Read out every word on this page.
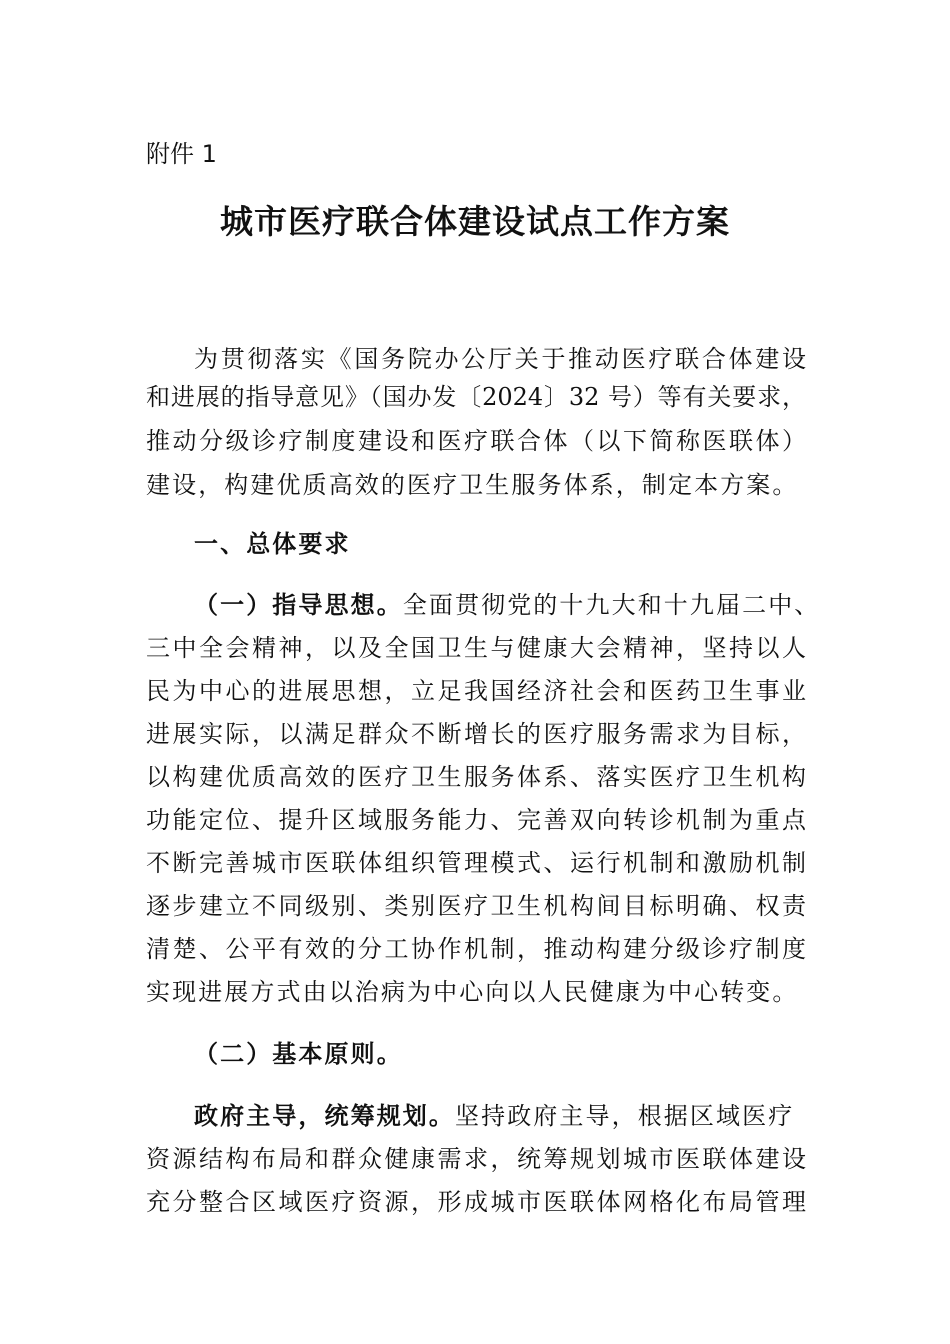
附件 1
城市医疗联合体建设试点工作方案
为贯彻落实《国务院办公厅关于推动医疗联合体建设
和进展的指导意见》（国办发〔2024〕32 号）等有关要求，
推动分级诊疗制度建设和医疗联合体（以下简称医联体）
建设，构建优质高效的医疗卫生服务体系，制定本方案。
一、总体要求
（一）指导思想。全面贯彻党的十九大和十九届二中、
三中全会精神，以及全国卫生与健康大会精神，坚持以人
民为中心的进展思想，立足我国经济社会和医药卫生事业
进展实际，以满足群众不断增长的医疗服务需求为目标，
以构建优质高效的医疗卫生服务体系、落实医疗卫生机构
功能定位、提升区域服务能力、完善双向转诊机制为重点
不断完善城市医联体组织管理模式、运行机制和激励机制
逐步建立不同级别、类别医疗卫生机构间目标明确、权责
清楚、公平有效的分工协作机制，推动构建分级诊疗制度
实现进展方式由以治病为中心向以人民健康为中心转变。
（二）基本原则。
政府主导，统筹规划。坚持政府主导，根据区域医疗
资源结构布局和群众健康需求，统筹规划城市医联体建设
充分整合区域医疗资源，形成城市医联体网格化布局管理
